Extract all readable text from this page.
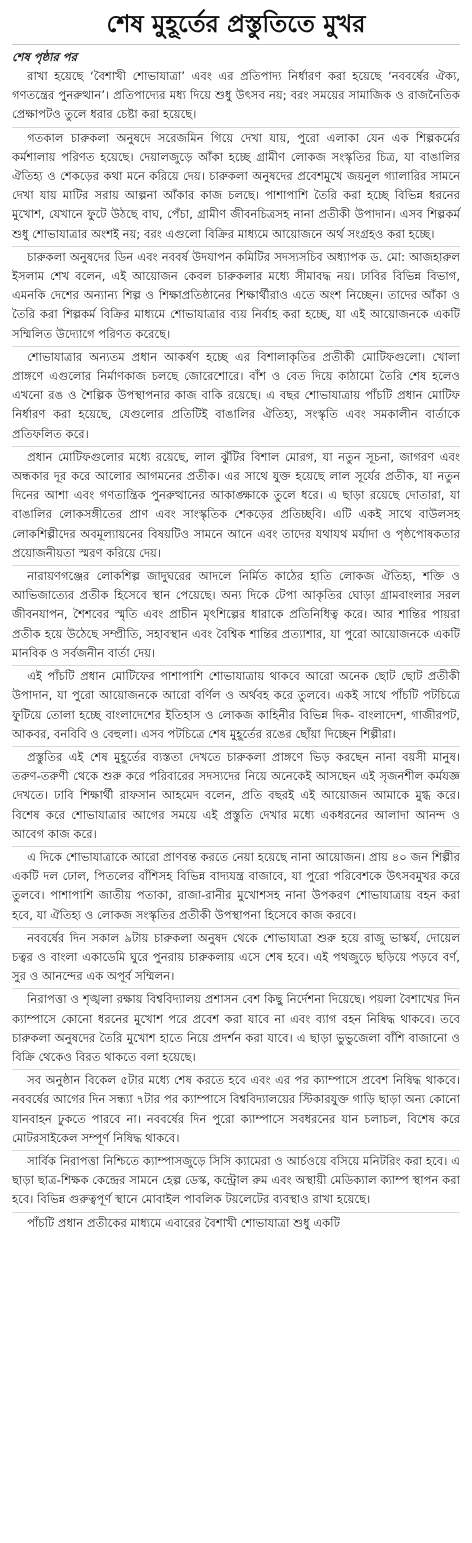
শেষ মুহূর্তের প্রস্তুতিতে মুখর
শেষ পৃষ্ঠার পর

রাখা হয়েছে ‘বৈশাখী শোভাযাত্রা’ এবং এর প্রতিপাদ্য নির্ধারণ করা হয়েছে ‘নববর্ষের ঐক্য, গণতন্ত্রের পুনরুত্থান’। প্রতিপাদ্যের মধ্য দিয়ে শুধু উৎসব নয়; বরং সময়ের সামাজিক ও রাজনৈতিক প্রেক্ষাপটও তুলে ধরার চেষ্টা করা হয়েছে।

গতকাল চারুকলা অনুষদে সরেজমিন গিয়ে দেখা যায়, পুরো এলাকা যেন এক শিল্পকর্মের কর্মশালায় পরিণত হয়েছে। দেয়ালজুড়ে আঁকা হচ্ছে গ্রামীণ লোকজ সংস্কৃতির চিত্র, যা বাঙালির ঐতিহ্য ও শেকড়ের কথা মনে করিয়ে দেয়। চারুকলা অনুষদের প্রবেশমুখে জয়নুল গ্যালারির সামনে দেখা যায় মাটির সরায় আল্পনা আঁকার কাজ চলছে। পাশাপাশি তৈরি করা হচ্ছে বিভিন্ন ধরনের মুখোশ, যেখানে ফুটে উঠছে বাঘ, পেঁচা, গ্রামীণ জীবনচিত্রসহ নানা প্রতীকী উপাদান। এসব শিল্পকর্ম শুধু শোভাযাত্রার অংশই নয়; বরং এগুলো বিক্রির মাধ্যমে আয়োজনে অর্থ সংগ্রহও করা হচ্ছে।

চারুকলা অনুষদের ডিন এবং নববর্ষ উদযাপন কমিটির সদস্যসচিব অধ্যাপক ড. মো: আজহারুল ইসলাম শেখ বলেন, এই আয়োজন কেবল চারুকলার মধ্যে সীমাবদ্ধ নয়। ঢাবির বিভিন্ন বিভাগ, এমনকি দেশের অন্যান্য শিল্প ও শিক্ষাপ্রতিষ্ঠানের শিক্ষার্থীরাও এতে অংশ নিচ্ছেন। তাদের আঁকা ও তৈরি করা শিল্পকর্ম বিক্রির মাধ্যমে শোভাযাত্রার ব্যয় নির্বাহ করা হচ্ছে, যা এই আয়োজনকে একটি সম্মিলিত উদ্যোগে পরিণত করেছে।

শোভাযাত্রার অন্যতম প্রধান আকর্ষণ হচ্ছে এর বিশালাকৃতির প্রতীকী মোটিফগুলো। খোলা প্রাঙ্গণে এগুলোর নির্মাণকাজ চলছে জোরেশোরে। বাঁশ ও বেত দিয়ে কাঠামো তৈরি শেষ হলেও এখনো রঙ ও শৈল্পিক উপস্থাপনার কাজ বাকি রয়েছে। এ বছর শোভাযাত্রায় পাঁচটি প্রধান মোটিফ নির্ধারণ করা হয়েছে, যেগুলোর প্রতিটিই বাঙালির ঐতিহ্য, সংস্কৃতি এবং সমকালীন বার্তাকে প্রতিফলিত করে।

প্রধান মোটিফগুলোর মধ্যে রয়েছে, লাল ঝুঁটির বিশাল মোরগ, যা নতুন সূচনা, জাগরণ এবং অন্ধকার দূর করে আলোর আগমনের প্রতীক। এর সাথে যুক্ত হয়েছে লাল সূর্যের প্রতীক, যা নতুন দিনের আশা এবং গণতান্ত্রিক পুনরুত্থানের আকাঙ্ক্ষাকে তুলে ধরে। এ ছাড়া রয়েছে দোতারা, যা বাঙালির লোকসঙ্গীতের প্রাণ এবং সাংস্কৃতিক শেকড়ের প্রতিচ্ছবি। এটি একই সাথে বাউলসহ লোকশিল্পীদের অবমূল্যায়নের বিষয়টিও সামনে আনে এবং তাদের যথাযথ মর্যাদা ও পৃষ্ঠপোষকতার প্রয়োজনীয়তা স্মরণ করিয়ে দেয়।

নারায়ণগঞ্জের লোকশিল্প জাদুঘরের আদলে নির্মিত কাঠের হাতি লোকজ ঐতিহ্য, শক্তি ও আভিজাত্যের প্রতীক হিসেবে স্থান পেয়েছে। অন্য দিকে টেপা আকৃতির ঘোড়া গ্রামবাংলার সরল জীবনযাপন, শৈশবের স্মৃতি এবং প্রাচীন মৃৎশিল্পের ধারাকে প্রতিনিধিত্ব করে। আর শান্তির পায়রা প্রতীক হয়ে উঠেছে সম্প্রীতি, সহাবস্থান এবং বৈশ্বিক শান্তির প্রত্যাশার, যা পুরো আয়োজনকে একটি মানবিক ও সর্বজনীন বার্তা দেয়।

এই পাঁচটি প্রধান মোটিফের পাশাপাশি শোভাযাত্রায় থাকবে আরো অনেক ছোট ছোট প্রতীকী উপাদান, যা পুরো আয়োজনকে আরো বর্ণিল ও অর্থবহ করে তুলবে। একই সাথে পাঁচটি পটচিত্রে ফুটিয়ে তোলা হচ্ছে বাংলাদেশের ইতিহাস ও লোকজ কাহিনীর বিভিন্ন দিক- বাংলাদেশ, গাজীরপট, আকবর, বনবিবি ও বেহুলা। এসব পটচিত্রে শেষ মুহূর্তের রঙের ছোঁয়া দিচ্ছেন শিল্পীরা।

প্রস্তুতির এই শেষ মুহূর্তের ব্যস্ততা দেখতে চারুকলা প্রাঙ্গণে ভিড় করছেন নানা বয়সী মানুষ। তরুণ-তরুণী থেকে শুরু করে পরিবারের সদস্যদের নিয়ে অনেকেই আসছেন এই সৃজনশীল কর্মযজ্ঞ দেখতে। ঢাবি শিক্ষার্থী রাফসান আহমেদ বলেন, প্রতি বছরই এই আয়োজন আমাকে মুগ্ধ করে। বিশেষ করে শোভাযাত্রার আগের সময়ে এই প্রস্তুতি দেখার মধ্যে একধরনের আলাদা আনন্দ ও আবেগ কাজ করে।

এ দিকে শোভাযাত্রাকে আরো প্রাণবন্ত করতে নেয়া হয়েছে নানা আয়োজন। প্রায় ৪০ জন শিল্পীর একটি দল ঢোল, পিতলের বাঁশিসহ বিভিন্ন বাদ্যযন্ত্র বাজাবে, যা পুরো পরিবেশকে উৎসবমুখর করে তুলবে। পাশাপাশি জাতীয় পতাকা, রাজা-রানীর মুখোশসহ নানা উপকরণ শোভাযাত্রায় বহন করা হবে, যা ঐতিহ্য ও লোকজ সংস্কৃতির প্রতীকী উপস্থাপনা হিসেবে কাজ করবে।

নববর্ষের দিন সকাল ৯টায় চারুকলা অনুষদ থেকে শোভাযাত্রা শুরু হয়ে রাজু ভাস্কর্য, দোয়েল চত্বর ও বাংলা একাডেমি ঘুরে পুনরায় চারুকলায় এসে শেষ হবে। এই পথজুড়ে ছড়িয়ে পড়বে বর্ণ, সুর ও আনন্দের এক অপূর্ব সম্মিলন।

নিরাপত্তা ও শৃঙ্খলা রক্ষায় বিশ্ববিদ্যালয় প্রশাসন বেশ কিছু নির্দেশনা দিয়েছে। পয়লা বৈশাখের দিন ক্যাম্পাসে কোনো ধরনের মুখোশ পরে প্রবেশ করা যাবে না এবং ব্যাগ বহন নিষিদ্ধ থাকবে। তবে চারুকলা অনুষদের তৈরি মুখোশ হাতে নিয়ে প্রদর্শন করা যাবে। এ ছাড়া ভুভুজেলা বাঁশি বাজানো ও বিক্রি থেকেও বিরত থাকতে বলা হয়েছে।

সব অনুষ্ঠান বিকেল ৫টার মধ্যে শেষ করতে হবে এবং এর পর ক্যাম্পাসে প্রবেশ নিষিদ্ধ থাকবে। নববর্ষের আগের দিন সন্ধ্যা ৭টার পর ক্যাম্পাসে বিশ্ববিদ্যালয়ের স্টিকারযুক্ত গাড়ি ছাড়া অন্য কোনো যানবাহন ঢুকতে পারবে না। নববর্ষের দিন পুরো ক্যাম্পাসে সবধরনের যান চলাচল, বিশেষ করে মোটরসাইকেল সম্পূর্ণ নিষিদ্ধ থাকবে।

সার্বিক নিরাপত্তা নিশ্চিতে ক্যাম্পাসজুড়ে সিসি ক্যামেরা ও আর্চওয়ে বসিয়ে মনিটরিং করা হবে। এ ছাড়া ছাত্র-শিক্ষক কেন্দ্রের সামনে হেল্প ডেস্ক, কন্ট্রোল রুম এবং অস্থায়ী মেডিক্যাল ক্যাম্প স্থাপন করা হবে। বিভিন্ন গুরুত্বপূর্ণ স্থানে মোবাইল পাবলিক টয়লেটের ব্যবস্থাও রাখা হয়েছে।

পাঁচটি প্রধান প্রতীকের মাধ্যমে এবারের বৈশাখী শোভাযাত্রা শুধু একটি
